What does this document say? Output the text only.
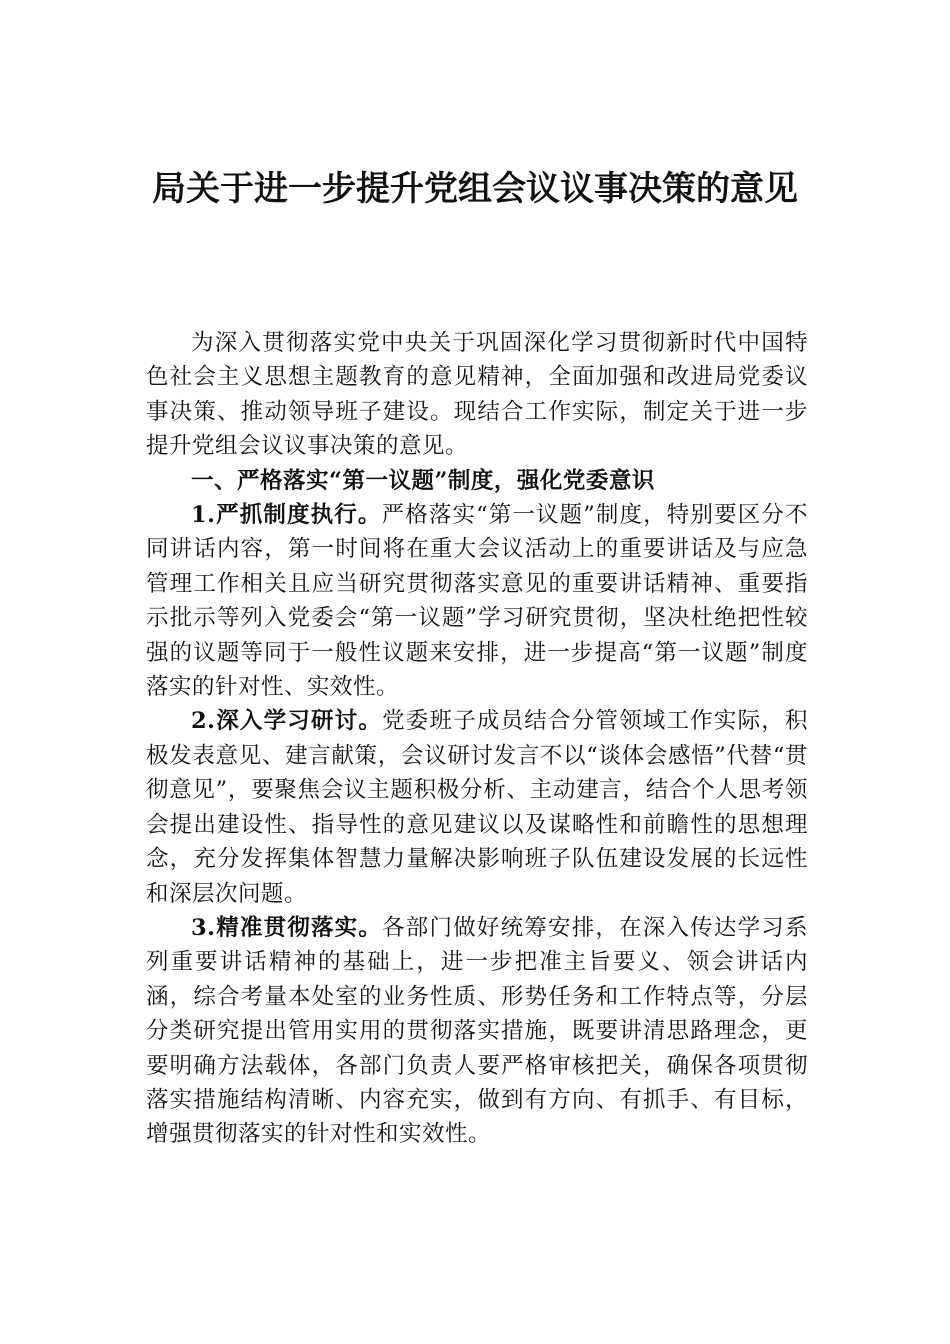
局关于进一步提升党组会议议事决策的意见

为深入贯彻落实党中央关于巩固深化学习贯彻新时代中国特色社会主义思想主题教育的意见精神，全面加强和改进局党委议事决策、推动领导班子建设。现结合工作实际，制定关于进一步提升党组会议议事决策的意见。

一、严格落实“第一议题”制度，强化党委意识

1.严抓制度执行。严格落实“第一议题”制度，特别要区分不同讲话内容，第一时间将在重大会议活动上的重要讲话及与应急管理工作相关且应当研究贯彻落实意见的重要讲话精神、重要指示批示等列入党委会“第一议题”学习研究贯彻，坚决杜绝把性较强的议题等同于一般性议题来安排，进一步提高“第一议题”制度落实的针对性、实效性。

2.深入学习研讨。党委班子成员结合分管领域工作实际，积极发表意见、建言献策，会议研讨发言不以“谈体会感悟”代替“贯彻意见”，要聚焦会议主题积极分析、主动建言，结合个人思考领会提出建设性、指导性的意见建议以及谋略性和前瞻性的思想理念，充分发挥集体智慧力量解决影响班子队伍建设发展的长远性和深层次问题。

3.精准贯彻落实。各部门做好统筹安排，在深入传达学习系列重要讲话精神的基础上，进一步把准主旨要义、领会讲话内涵，综合考量本处室的业务性质、形势任务和工作特点等，分层分类研究提出管用实用的贯彻落实措施，既要讲清思路理念，更要明确方法载体，各部门负责人要严格审核把关，确保各项贯彻落实措施结构清晰、内容充实，做到有方向、有抓手、有目标，增强贯彻落实的针对性和实效性。
